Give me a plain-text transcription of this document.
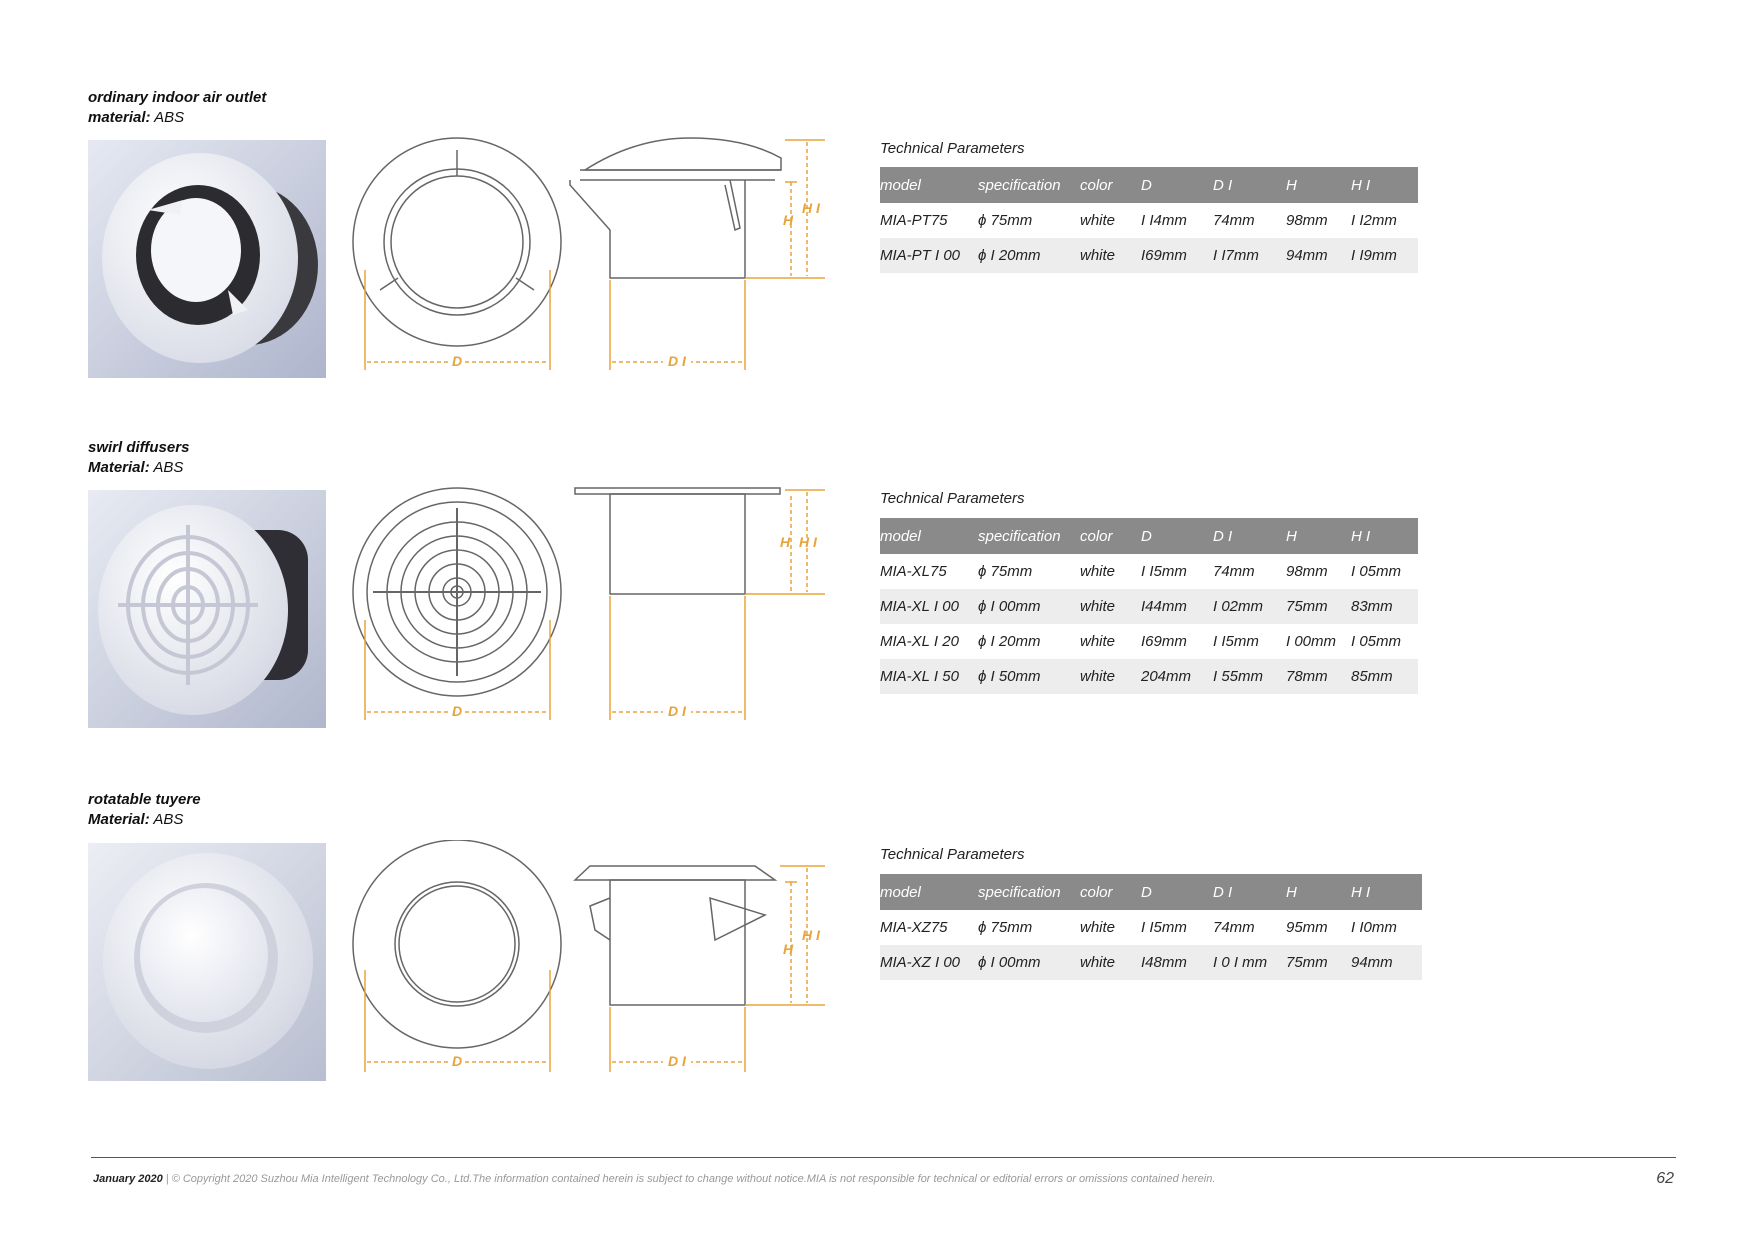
ordinary indoor air outlet
material: ABS
D
H
H I
D I
Technical Parameters
model	specification	color	D	D I	H	H I
MIA-PT75	ϕ 75mm	white	I I4mm	74mm	98mm	I I2mm
MIA-PT I 00	ϕ I 20mm	white	I69mm	I I7mm	94mm	I I9mm
swirl diffusers
Material: ABS
D
H H I
D I
Technical Parameters
model	specification	color	D	D I	H	H I
MIA-XL75	ϕ 75mm	white	I I5mm	74mm	98mm	I 05mm
MIA-XL I 00	ϕ I 00mm	white	I44mm	I 02mm	75mm	83mm
MIA-XL I 20	ϕ I 20mm	white	I69mm	I I5mm	I 00mm	I 05mm
MIA-XL I 50	ϕ I 50mm	white	204mm	I 55mm	78mm	85mm
rotatable tuyere
Material: ABS
D
H
H I
D I
Technical Parameters
model	specification	color	D	D I	H	H I
MIA-XZ75	ϕ 75mm	white	I I5mm	74mm	95mm	I I0mm
MIA-XZ I 00	ϕ I 00mm	white	I48mm	I 0 I mm	75mm	94mm
January 2020 | © Copyright 2020 Suzhou Mia Intelligent Technology Co., Ltd.The information contained herein is subject to change without notice.MIA is not responsible for technical or editorial errors or omissions contained herein.	62
